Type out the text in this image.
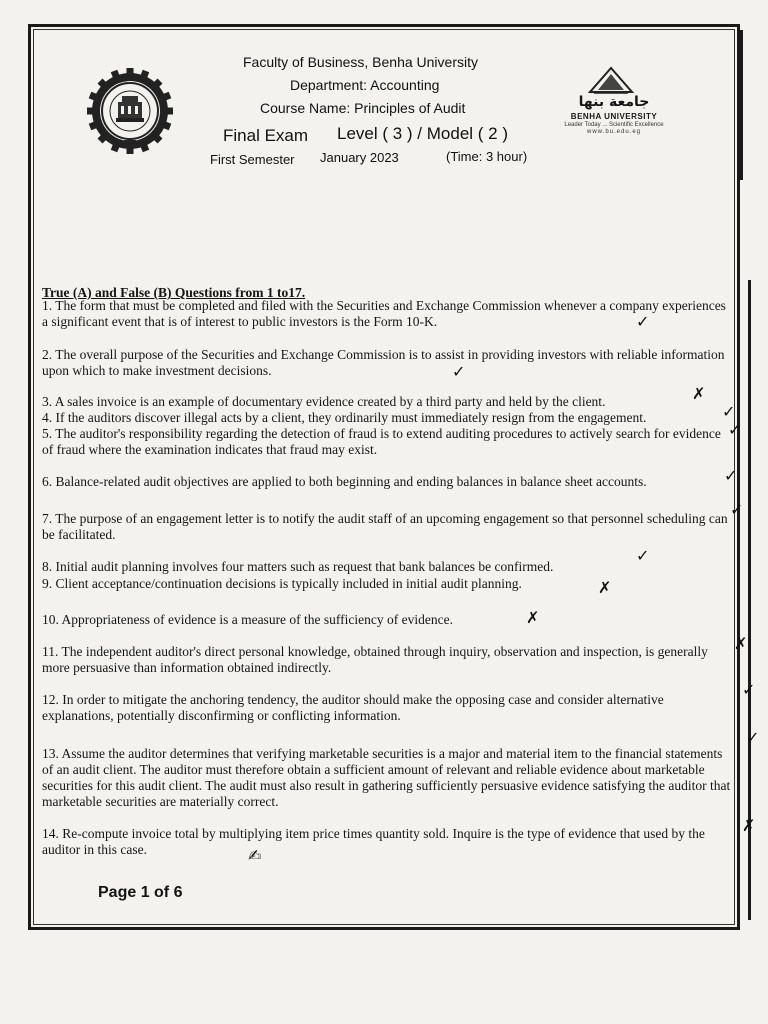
Faculty of Business, Benha University
Department: Accounting
Course Name: Principles of Audit
Final Exam Level ( 3 ) / Model ( 2 )
First Semester January 2023	(Time: 3 hour)
جامعة بنها
BENHA UNIVERSITY
Leader Today ... Scientific Excellence
www.bu.edu.eg
True (A) and False (B) Questions from 1 to17.
1. The form that must be completed and filed with the Securities and Exchange Commission whenever a company experiences a significant event that is of interest to public investors is the Form 10-K.
2. The overall purpose of the Securities and Exchange Commission is to assist in providing investors with reliable information upon which to make investment decisions.
3. A sales invoice is an example of documentary evidence created by a third party and held by the client.
4. If the auditors discover illegal acts by a client, they ordinarily must immediately resign from the engagement.
5. The auditor's responsibility regarding the detection of fraud is to extend auditing procedures to actively search for evidence of fraud where the examination indicates that fraud may exist.
6. Balance-related audit objectives are applied to both beginning and ending balances in balance sheet accounts.
7. The purpose of an engagement letter is to notify the audit staff of an upcoming engagement so that personnel scheduling can be facilitated.
8. Initial audit planning involves four matters such as request that bank balances be confirmed.
9. Client acceptance/continuation decisions is typically included in initial audit planning.
10. Appropriateness of evidence is a measure of the sufficiency of evidence.
11. The independent auditor's direct personal knowledge, obtained through inquiry, observation and inspection, is generally more persuasive than information obtained indirectly.
12. In order to mitigate the anchoring tendency, the auditor should make the opposing case and consider alternative explanations, potentially disconfirming or conflicting information.
13. Assume the auditor determines that verifying marketable securities is a major and material item to the financial statements of an audit client. The auditor must therefore obtain a sufficient amount of relevant and reliable evidence about marketable securities for this audit client. The audit must also result in gathering sufficiently persuasive evidence satisfying the auditor that marketable securities are materially correct.
14. Re-compute invoice total by multiplying item price times quantity sold. Inquire is the type of evidence that used by the auditor in this case.
✓
✓
✗
✓
✓
✓
✓
✓
✗
✗
✗
✓
✓
✗
✍
Page 1 of 6
